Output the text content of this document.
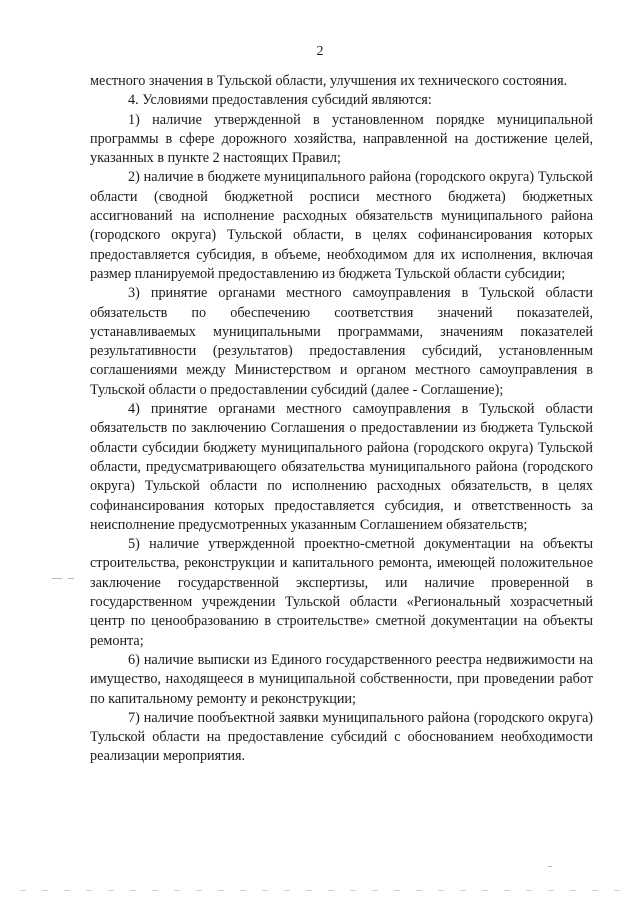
2

местного значения в Тульской области, улучшения их технического состояния.

4. Условиями предоставления субсидий являются:

1) наличие утвержденной в установленном порядке муниципальной программы в сфере дорожного хозяйства, направленной на достижение целей, указанных в пункте 2 настоящих Правил;

2) наличие в бюджете муниципального района (городского округа) Тульской области (сводной бюджетной росписи местного бюджета) бюджетных ассигнований на исполнение расходных обязательств муниципального района (городского округа) Тульской области, в целях софинансирования которых предоставляется субсидия, в объеме, необходимом для их исполнения, включая размер планируемой предоставлению из бюджета Тульской области субсидии;

3) принятие органами местного самоуправления в Тульской области обязательств по обеспечению соответствия значений показателей, устанавливаемых муниципальными программами, значениям показателей результативности (результатов) предоставления субсидий, установленным соглашениями между Министерством и органом местного самоуправления в Тульской области о предоставлении субсидий (далее - Соглашение);

4) принятие органами местного самоуправления в Тульской области обязательств по заключению Соглашения о предоставлении из бюджета Тульской области субсидии бюджету муниципального района (городского округа) Тульской области, предусматривающего обязательства муниципального района (городского округа) Тульской области по исполнению расходных обязательств, в целях софинансирования которых предоставляется субсидия, и ответственность за неисполнение предусмотренных указанным Соглашением обязательств;

5) наличие утвержденной проектно-сметной документации на объекты строительства, реконструкции и капитального ремонта, имеющей положительное заключение государственной экспертизы, или наличие проверенной в государственном учреждении Тульской области «Региональный хозрасчетный центр по ценообразованию в строительстве» сметной документации на объекты ремонта;

6) наличие выписки из Единого государственного реестра недвижимости на имущество, находящееся в муниципальной собственности, при проведении работ по капитальному ремонту и реконструкции;

7) наличие пообъектной заявки муниципального района (городского округа) Тульской области на предоставление субсидий с обоснованием необходимости реализации мероприятия.
